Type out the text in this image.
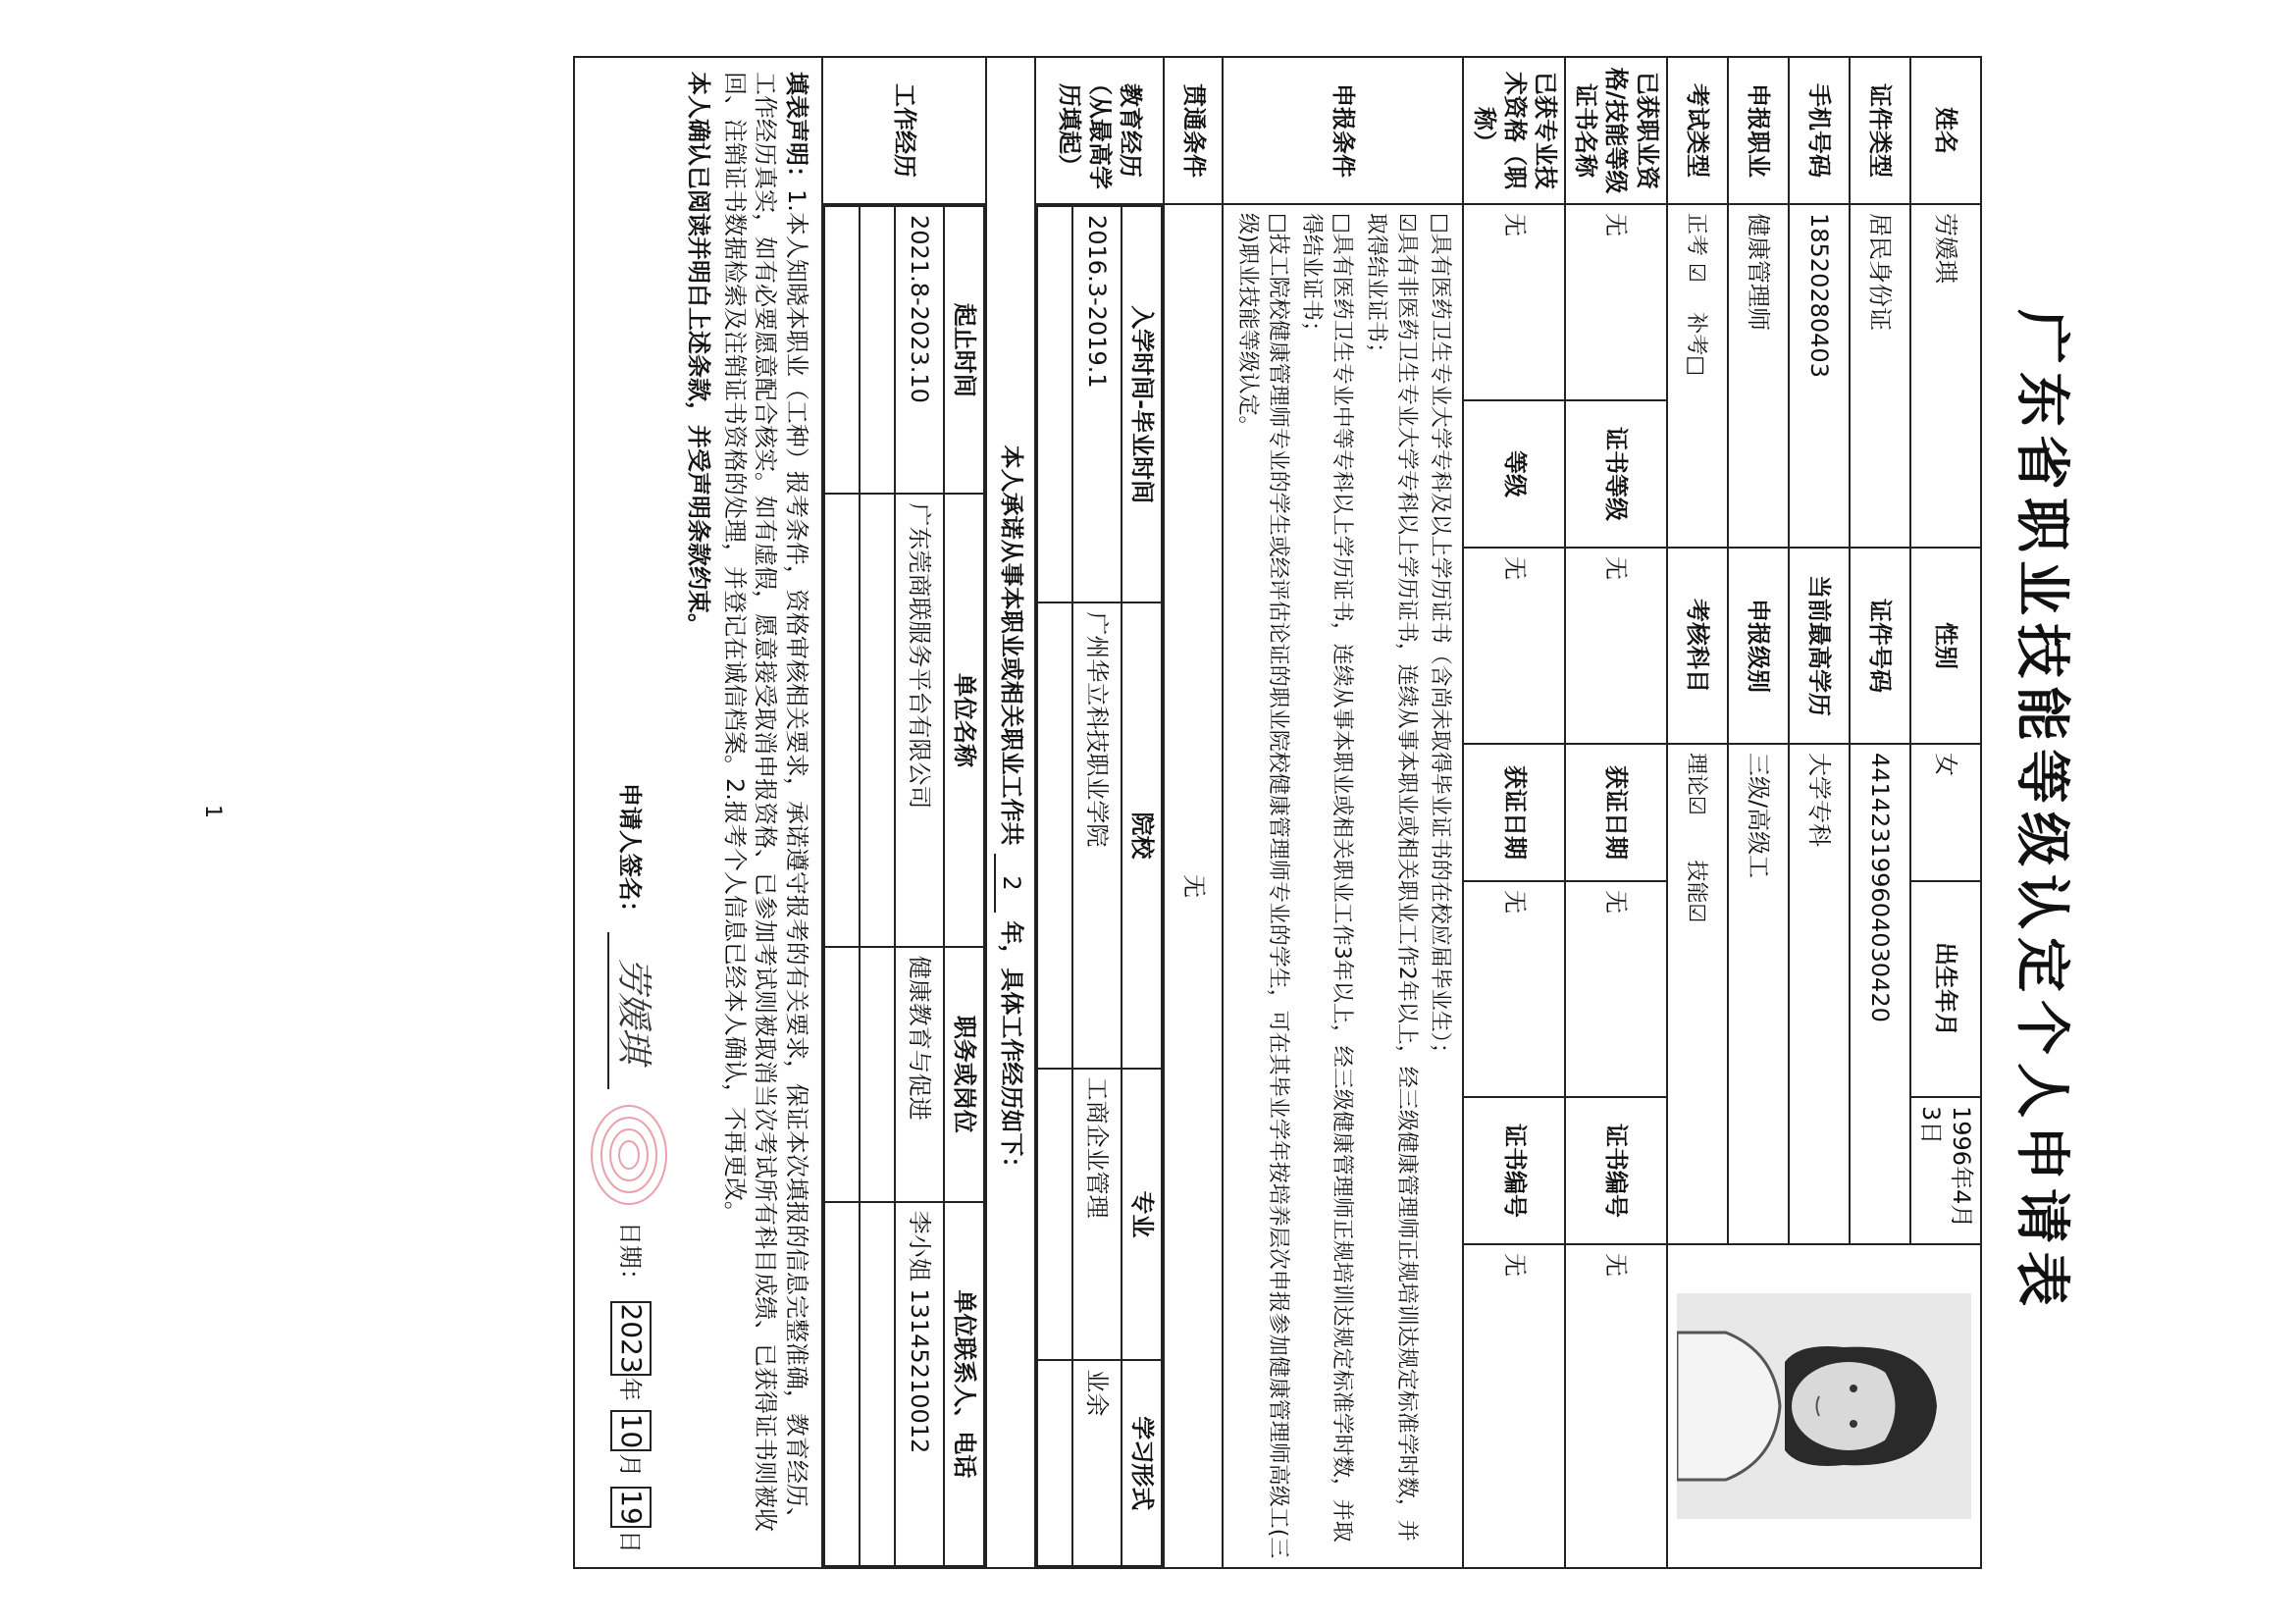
广东省职业技能等级认定个人申请表
姓名	劳媛琪	性别	女	出生年月	1996年4月3日	

证件类型	居民身份证	证件号码	441423199604030420
手机号码	18520280403	当前最高学历	大学专科
申报职业	健康管理师	申报级别	三级/高级工
考试类型	正考 ☑    补考□	考核科目	理论☑      技能☑
已获职业资格/技能等级证书名称	无	证书等级	无	获证日期	无	证书编号	无
已获专业技术资格（职称）	无	等级	无	获证日期	无	证书编号	无
申报条件	

□具有医药卫生专业大学专科及以上学历证书（含尚未取得毕业证书的在校应届毕业生）；

☑具有非医药卫生专业大学专科以上学历证书，连续从事本职业或相关职业工作2年以上，经三级健康管理师正规培训达规定标准学时数，并取得结业证书；

□具有医药卫生专业中等专科以上学历证书，连续从事本职业或相关职业工作3年以上，经三级健康管理师正规培训达规定标准学时数，并取得结业证书；

□技工院校健康管理师专业的学生或经评估论证的职业院校健康管理师专业的学生，可在其毕业学年按培养层次申报参加健康管理师高级工(三级)职业技能等级认定。

贯通条件	无
教育经历（从最高学历填起）	
入学时间-毕业时间	院校	专业	学习形式
2016.3-2019.1	广州华立科技职业学院	工商企业管理	业余

本人承诺从事本职业或相关职业工作共 2 年，具体工作经历如下：
工作经历	
起止时间	单位名称	职务或岗位	单位联系人、电话
2021.8-2023.10	广东莞商联服务平台有限公司	健康教育与促进	李小姐 13145210012

填表声明：1.本人知晓本职业（工种）报考条件，资格审核相关要求，承诺遵守报考的有关要求，保证本次填报的信息完整准确，教育经历、工作经历真实，如有必要愿意配合核实。如有虚假，愿意接受取消申报资格、已参加考试则被取消当次考试所有科目成绩、已获得证书则被收回、注销证书数据检索及注销证书资格的处理，并登记在诚信档案。2.报考个人信息已经本人确认，不再更改。
本人确认已阅读并明白上述条款，并受声明条款约束。
申请人签名： 劳媛琪  日期： 2023年 10月 19日
1
